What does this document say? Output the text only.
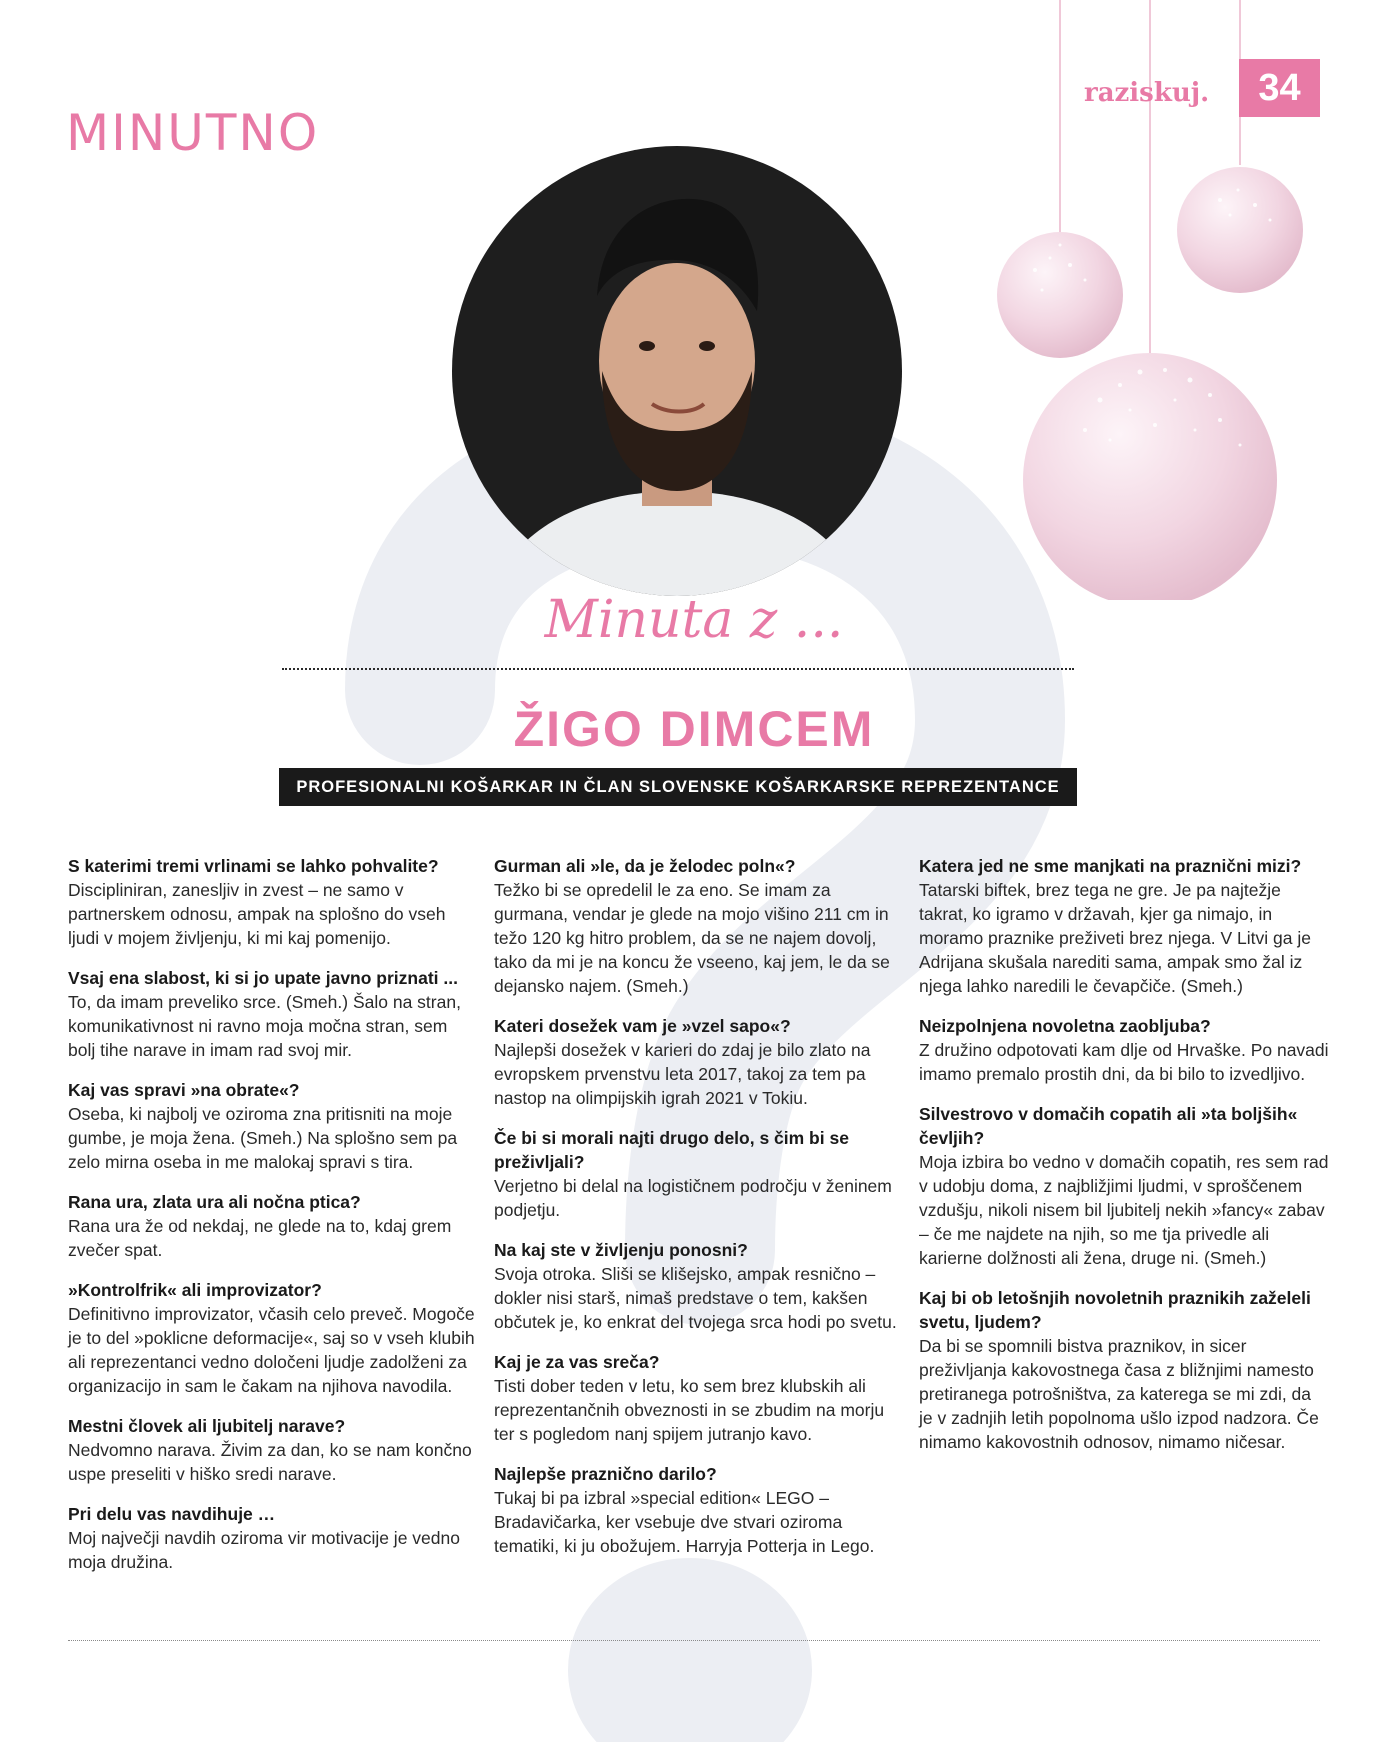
MINUTNO
raziskuj.	34
Minuta z ...
ŽIGO DIMCEM
PROFESIONALNI KOŠARKAR IN ČLAN SLOVENSKE KOŠARKARSKE REPREZENTANCE

S katerimi tremi vrlinami se lahko pohvalite?

Discipliniran, zanesljiv in zvest – ne samo v partnerskem odnosu, ampak na splošno do vseh ljudi v mojem življenju, ki mi kaj pomenijo.

Vsaj ena slabost, ki si jo upate javno priznati ...

To, da imam preveliko srce. (Smeh.) Šalo na stran, komunikativnost ni ravno moja močna stran, sem bolj tihe narave in imam rad svoj mir.

Kaj vas spravi »na obrate«?

Oseba, ki najbolj ve oziroma zna pritisniti na moje gumbe, je moja žena. (Smeh.) Na splošno sem pa zelo mirna oseba in me malokaj spravi s tira.

Rana ura, zlata ura ali nočna ptica?

Rana ura že od nekdaj, ne glede na to, kdaj grem zvečer spat.

»Kontrolfrik« ali improvizator?

Definitivno improvizator, včasih celo preveč. Mogoče je to del »poklicne deformacije«, saj so v vseh klubih ali reprezentanci vedno določeni ljudje zadolženi za organizacijo in sam le čakam na njihova navodila.

Mestni človek ali ljubitelj narave?

Nedvomno narava. Živim za dan, ko se nam končno uspe preseliti v hiško sredi narave.

Pri delu vas navdihuje …

Moj največji navdih oziroma vir motivacije je vedno moja družina.

Gurman ali »le, da je želodec poln«?

Težko bi se opredelil le za eno. Se imam za gurmana, vendar je glede na mojo višino 211 cm in težo 120 kg hitro problem, da se ne najem dovolj, tako da mi je na koncu že vseeno, kaj jem, le da se dejansko najem. (Smeh.)

Kateri dosežek vam je »vzel sapo«?

Najlepši dosežek v karieri do zdaj je bilo zlato na evropskem prvenstvu leta 2017, takoj za tem pa nastop na olimpijskih igrah 2021 v Tokiu.

Če bi si morali najti drugo delo, s čim bi se preživljali?

Verjetno bi delal na logističnem področju v ženinem podjetju.

Na kaj ste v življenju ponosni?

Svoja otroka. Sliši se klišejsko, ampak resnično – dokler nisi starš, nimaš predstave o tem, kakšen občutek je, ko enkrat del tvojega srca hodi po svetu.

Kaj je za vas sreča?

Tisti dober teden v letu, ko sem brez klubskih ali reprezentančnih obveznosti in se zbudim na morju ter s pogledom nanj spijem jutranjo kavo.

Najlepše praznično darilo?

Tukaj bi pa izbral »special edition« LEGO – Bradavičarka, ker vsebuje dve stvari oziroma tematiki, ki ju obožujem. Harryja Potterja in Lego.

Katera jed ne sme manjkati na praznični mizi?

Tatarski biftek, brez tega ne gre. Je pa najtežje takrat, ko igramo v državah, kjer ga nimajo, in moramo praznike preživeti brez njega. V Litvi ga je Adrijana skušala narediti sama, ampak smo žal iz njega lahko naredili le čevapčiče. (Smeh.)

Neizpolnjena novoletna zaobljuba?

Z družino odpotovati kam dlje od Hrvaške. Po navadi imamo premalo prostih dni, da bi bilo to izvedljivo.

Silvestrovo v domačih copatih ali »ta boljših« čevljih?

Moja izbira bo vedno v domačih copatih, res sem rad v udobju doma, z najbližjimi ljudmi, v sproščenem vzdušju, nikoli nisem bil ljubitelj nekih »fancy« zabav – če me najdete na njih, so me tja privedle ali karierne dolžnosti ali žena, druge ni. (Smeh.)

Kaj bi ob letošnjih novoletnih praznikih zaželeli svetu, ljudem?

Da bi se spomnili bistva praznikov, in sicer preživljanja kakovostnega časa z bližnjimi namesto pretiranega potrošništva, za katerega se mi zdi, da je v zadnjih letih popolnoma ušlo izpod nadzora. Če nimamo kakovostnih odnosov, nimamo ničesar.
